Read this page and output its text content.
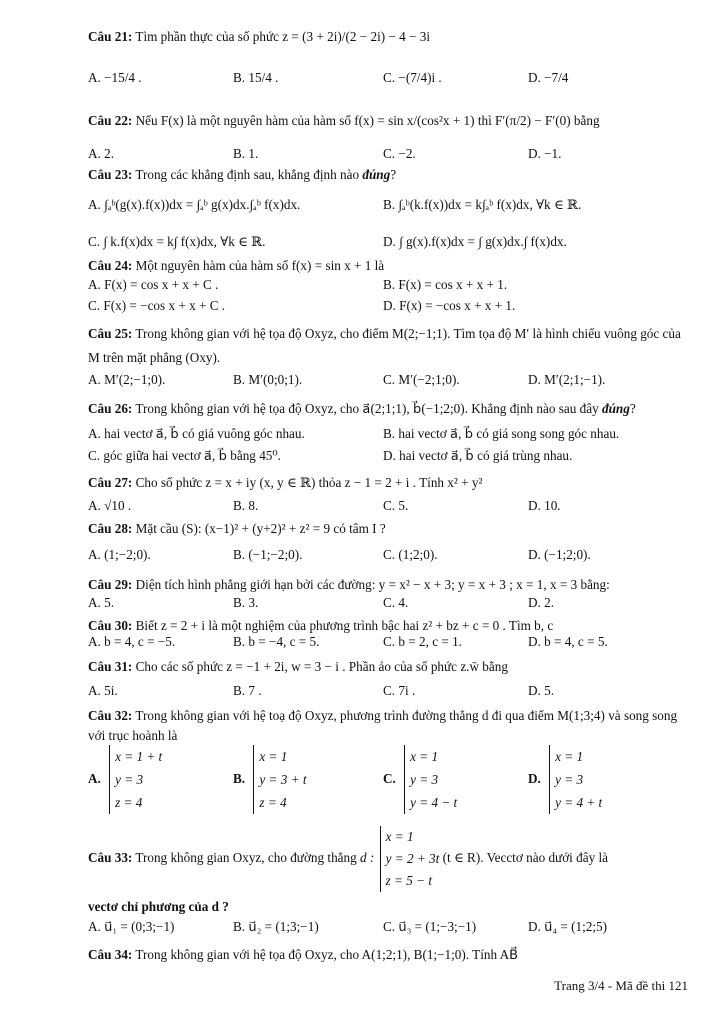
Câu 21: Tìm phần thực của số phức z = (3 + 2i)/(2 − 2i) − 4 − 3i
A. −15/4 .	B. 15/4 .	C. −(7/4)i .	D. −7/4
Câu 22: Nếu F(x) là một nguyên hàm của hàm số f(x) = sin x/(cos²x + 1) thì F′(π/2) − F′(0) bằng
A. 2.	B. 1.	C. −2.	D. −1.
Câu 23: Trong các khẳng định sau, khẳng định nào đúng?
A. ∫ₐᵇ(g(x).f(x))dx = ∫ₐᵇ g(x)dx.∫ₐᵇ f(x)dx.	B. ∫ₐᵇ(k.f(x))dx = k∫ₐᵇ f(x)dx, ∀k ∈ ℝ.
C. ∫ k.f(x)dx = k∫ f(x)dx, ∀k ∈ ℝ.	D. ∫ g(x).f(x)dx = ∫ g(x)dx.∫ f(x)dx.
Câu 24: Một nguyên hàm của hàm số f(x) = sin x + 1 là
A. F(x) = cos x + x + C .	B. F(x) = cos x + x + 1.
C. F(x) = −cos x + x + C .	D. F(x) = −cos x + x + 1.
Câu 25: Trong không gian với hệ tọa độ Oxyz, cho điểm M(2;−1;1). Tìm tọa độ M′ là hình chiếu vuông góc của M trên mặt phẳng (Oxy).
A. M′(2;−1;0).	B. M′(0;0;1).	C. M′(−2;1;0).	D. M′(2;1;−1).
Câu 26: Trong không gian với hệ tọa độ Oxyz, cho a⃗(2;1;1), b⃗(−1;2;0). Khẳng định nào sau đây đúng?
A. hai vectơ a⃗, b⃗ có giá vuông góc nhau.	B. hai vectơ a⃗, b⃗ có giá song song góc nhau.
C. góc giữa hai vectơ a⃗, b⃗ bằng 45⁰.	D. hai vectơ a⃗, b⃗ có giá trùng nhau.
Câu 27: Cho số phức z = x + iy (x, y ∈ ℝ) thỏa z − 1 = 2 + i . Tính x² + y²
A. √10 .	B. 8.	C. 5.	D. 10.
Câu 28: Mặt cầu (S): (x−1)² + (y+2)² + z² = 9 có tâm I ?
A. (1;−2;0).	B. (−1;−2;0).	C. (1;2;0).	D. (−1;2;0).
Câu 29: Diện tích hình phẳng giới hạn bởi các đường: y = x² − x + 3; y = x + 3 ; x = 1, x = 3 bằng:
A. 5.	B. 3.	C. 4.	D. 2.
Câu 30: Biết z = 2 + i là một nghiệm của phương trình bậc hai z² + bz + c = 0 . Tìm b, c
A. b = 4, c = −5.	B. b = −4, c = 5.	C. b = 2, c = 1.	D. b = 4, c = 5.
Câu 31: Cho các số phức z = −1 + 2i, w = 3 − i . Phần ảo của số phức z.w̄ bằng
A. 5i.	B. 7 .	C. 7i .	D. 5.
Câu 32: Trong không gian với hệ toạ độ Oxyz, phương trình đường thẳng d đi qua điểm M(1;3;4) và song song với trục hoành là
A. x = 1 + t
y = 3
z = 4
B. x = 1
y = 3 + t
z = 4
C. x = 1
y = 3
y = 4 − t
D. x = 1
y = 3
y = 4 + t
Câu 33: Trong không gian Oxyz, cho đường thẳng d : x = 1
y = 2 + 3t
z = 5 − t (t ∈ R). Vecctơ nào dưới đây là
vectơ chỉ phương của d ?
A. u⃗₁ = (0;3;−1)	B. u⃗₂ = (1;3;−1)	C. u⃗₃ = (1;−3;−1)	D. u⃗₄ = (1;2;5)
Câu 34: Trong không gian với hệ tọa độ Oxyz, cho A(1;2;1), B(1;−1;0). Tính AB⃗
Trang 3/4 - Mã đề thi 121
